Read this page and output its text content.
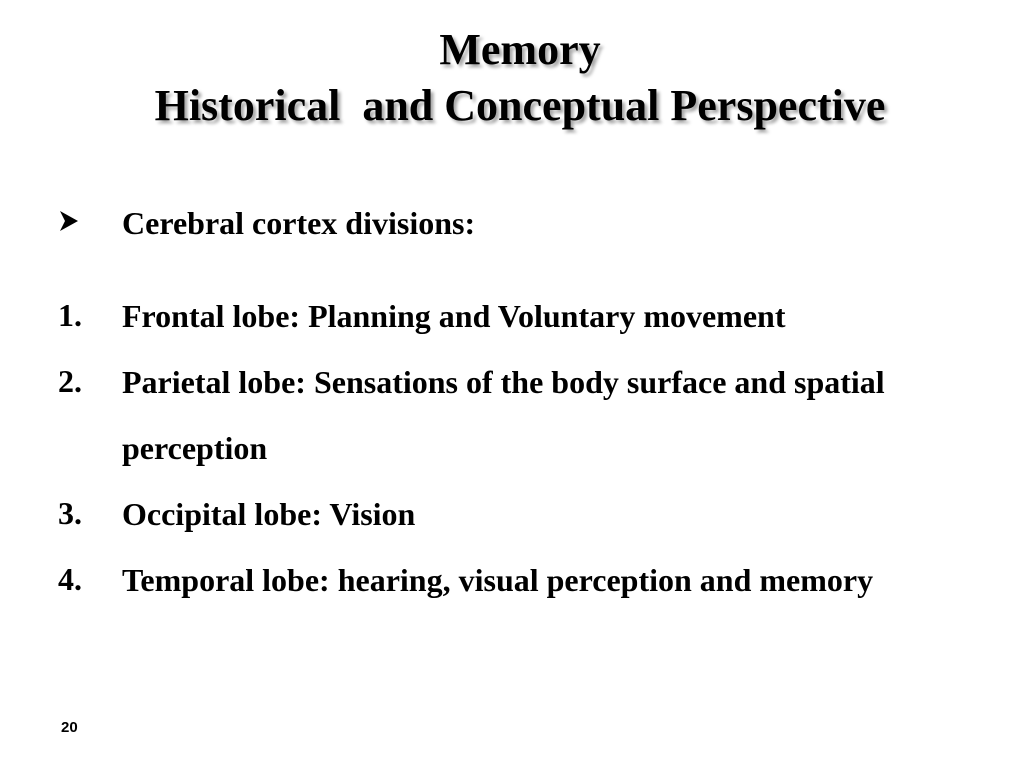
Memory
Historical  and Conceptual Perspective
Cerebral cortex divisions:
1.	Frontal lobe: Planning and Voluntary movement
2.	Parietal lobe: Sensations of the body surface and spatial perception
3.	Occipital lobe: Vision
4.	Temporal lobe: hearing, visual perception and memory
20
